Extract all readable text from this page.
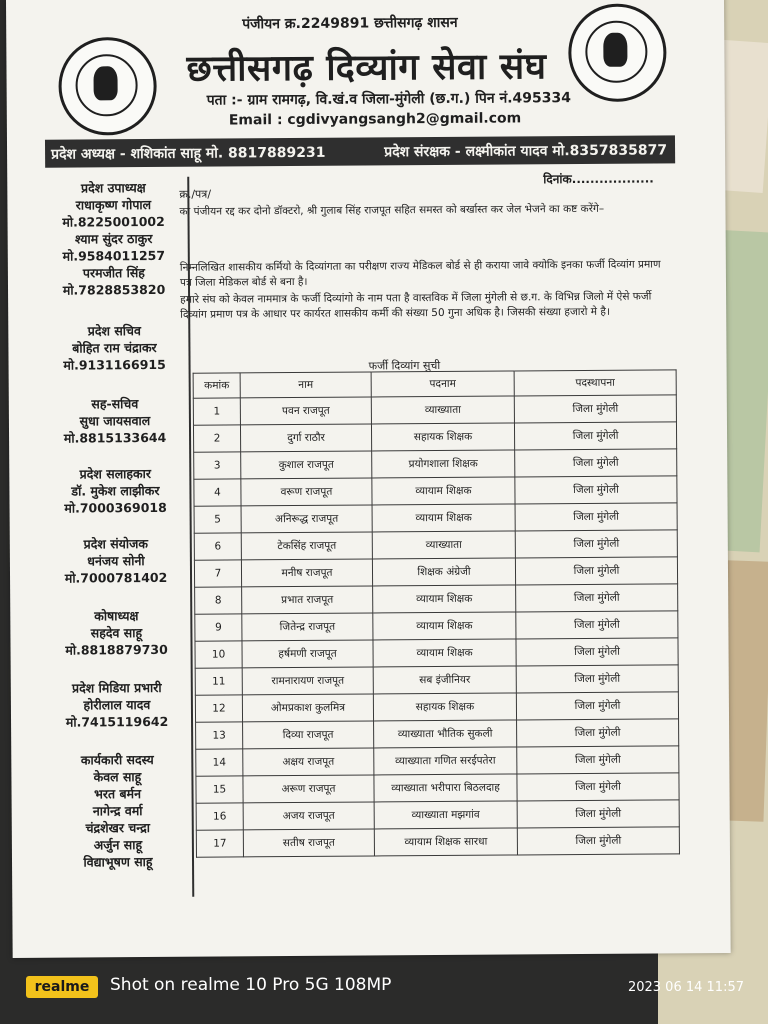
पंजीयन क्र.2249891 छत्तीसगढ़ शासन
छत्तीसगढ़ दिव्यांग सेवा संघ
पता :- ग्राम रामगढ़, वि.खं.व जिला-मुंगेली (छ.ग.) पिन नं.495334
Email : cgdivyangsangh2@gmail.com
प्रदेश अध्यक्ष - शशिकांत साहू मो. 8817889231	प्रदेश संरक्षक - लक्ष्मीकांत यादव मो.8357835877
प्रदेश उपाध्यक्ष
राधाकृष्ण गोपाल
मो.8225001002
श्याम सुंदर ठाकुर
मो.9584011257
परमजीत सिंह
मो.7828853820
प्रदेश सचिव
बोहित राम चंद्राकर
मो.9131166915
सह-सचिव
सुधा जायसवाल
मो.8815133644
प्रदेश सलाहकार
डॉ. मुकेश लाझीकर
मो.7000369018
प्रदेश संयोजक
धनंजय सोनी
मो.7000781402
कोषाध्यक्ष
सहदेव साहू
मो.8818879730
प्रदेश मिडिया प्रभारी
होरीलाल यादव
मो.7415119642
कार्यकारी सदस्य
केवल साहू
भरत बर्मन
नागेन्द्र वर्मा
चंद्रशेखर चन्द्रा
अर्जुन साहू
विद्याभूषण साहू
क्र./पत्र/
दिनांक..................
का पंजीयन रद्द कर दोनो डॉक्टरो, श्री गुलाब सिंह राजपूत सहित समस्त को बर्खास्त कर जेल भेजने का कष्ट करेंगे–
निम्नलिखित शासकीय कर्मियो के दिव्यांगता का परीक्षण राज्य मेडिकल बोर्ड से ही कराया जावे क्योकि इनका फर्जी दिव्यांग प्रमाण पत्र जिला मेडिकल बोर्ड से बना है।
हमारे संघ को केवल नाममात्र के फर्जी दिव्यांगो के नाम पता है वास्तविक में जिला मुंगेली से छ.ग. के विभिन्न जिलो में ऐसे फर्जी दिव्यांग प्रमाण पत्र के आधार पर कार्यरत शासकीय कर्मी की संख्या 50 गुना अधिक है। जिसकी संख्या हजारो मे है।
फर्जी दिव्यांग सुची
कमांक	नाम	पदनाम	पदस्थापना
1	पवन राजपूत	व्याख्याता	जिला मुंगेली
2	दुर्गा राठौर	सहायक शिक्षक	जिला मुंगेली
3	कुशाल राजपूत	प्रयोगशाला शिक्षक	जिला मुंगेली
4	वरूण राजपूत	व्यायाम शिक्षक	जिला मुंगेली
5	अनिरूद्ध राजपूत	व्यायाम शिक्षक	जिला मुंगेली
6	टेकसिंह राजपूत	व्याख्याता	जिला मुंगेली
7	मनीष राजपूत	शिक्षक अंग्रेजी	जिला मुंगेली
8	प्रभात राजपूत	व्यायाम शिक्षक	जिला मुंगेली
9	जितेन्द्र राजपूत	व्यायाम शिक्षक	जिला मुंगेली
10	हर्षमणी राजपूत	व्यायाम शिक्षक	जिला मुंगेली
11	रामनारायण राजपूत	सब इंजीनियर	जिला मुंगेली
12	ओमप्रकाश कुलमित्र	सहायक शिक्षक	जिला मुंगेली
13	दिव्या राजपूत	व्याख्याता भौतिक सुकली	जिला मुंगेली
14	अक्षय राजपूत	व्याख्याता गणित सरईपतेरा	जिला मुंगेली
15	अरूण राजपूत	व्याख्याता भरीपारा बिठलदाह	जिला मुंगेली
16	अजय राजपूत	व्याख्याता मझगांव	जिला मुंगेली
17	सतीष राजपूत	व्यायाम शिक्षक सारधा	जिला मुंगेली
realme	Shot on realme 10 Pro 5G 108MP	2023 06 14 11:57
